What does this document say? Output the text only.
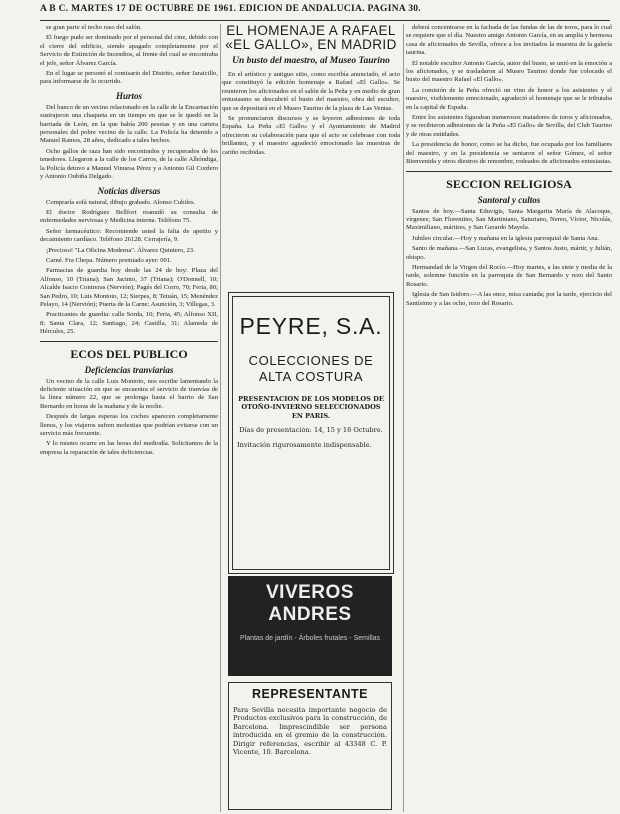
A B C. MARTES 17 DE OCTUBRE DE 1961. EDICION DE ANDALUCIA. PAGINA 30.

se gran parte el techo raso del salón.

El fuego pudo ser dominado por el personal del cine, debido con el cierre del edificio, siendo apagado completamente por el Servicio de Extinción de Incendios, al frente del cual se encontraba el jefe, señor Álvarez García.

En el lugar se personó el comisario del Distrito, señor Jaraicillo, para informarse de lo ocurrido.

Hurtos

Del banco de un vecino relacionado en la calle de la Encarnación sustrajeron una chaqueta en un tiempo en que se le quedó en la barriada de León, en la que había 200 pesetas y en una cartera personales del pobre vecino de la calle. La Policía ha detenido a Manuel Ramos, 28 años, dedicado a tales hechos.

Ocho gallos de raza han sido encontrados y recuperados de los tenedores. Llegaron a la calle de los Carros, de la calle Alhóndiga, la Policía detuvo a Manuel Vinuesa Pérez y a Antonio Gil Cordero y Antonio Oubiña Delgado.

Noticias diversas

Compraría sofá natural, dibujo grabado. Alonso Cubiles.

El doctor Rodríguez Bellfort reanudó su consulta de enfermedades nerviosas y Medicina interna. Teléfono 75.

Señor farmacéutico: Recomiende usted la falta de apetito y decaimiento cardíaco. Teléfono 26128. Cerrajería, 9.

¡Precioso! "La Oficina Moderna". Álvarez Quintero, 23.

Carné. Fra Chepa. Número premiado ayer: 091.

Farmacias de guardia hoy desde las 24 de hoy: Plaza del Alfonso, 10 (Triana); San Jacinto, 37 (Triana); O'Donnell, 10; Alcalde Isacio Contreras (Nervión); Pagés del Corro, 70; Feria, 80; San Pedro, 10; Luis Montoto, 12; Sierpes, 8; Tetuán, 15; Menéndez Pelayo, 14 (Nervión); Puerta de la Carne; Asunción, 3; Villegas, 3.

Practicantes de guardia: calle Sorda, 10; Feria, 45; Alfonso XII, 8; Santa Clara, 12; Santiago, 24; Castilla, 31; Alameda de Hércules, 25.

ECOS DEL PUBLICO
Deficiencias tranviarias

Un vecino de la calle Luis Montoto, nos escribe lamentando la deficiente situación en que se encuentra el servicio de tranvías de la línea número 22, que se prolonga hasta el barrio de San Bernardo en horas de la mañana y de la noche.

Después de largas esperas los coches aparecen completamente llenos, y los viajeros sufren molestias que podrían evitarse con un servicio más frecuente.

Y lo mismo ocurre en las horas del mediodía. Solicitamos de la empresa la reparación de tales deficiencias.

EL HOMENAJE A RAFAEL «EL GALLO», EN MADRID
Un busto del maestro, al Museo Taurino

En el artístico y antiguo sitio, como escribía anunciado, el acto que constituyó la edición homenaje a Rafael «El Gallo». Se reunieron los aficionados en el salón de la Peña y en medio de gran entusiasmo se descubrió el busto del maestro, obra del escultor, que se depositará en el Museo Taurino de la plaza de Las Ventas.

Se pronunciaron discursos y se leyeron adhesiones de toda España. La Peña «El Gallo» y el Ayuntamiento de Madrid ofrecieron su colaboración para que el acto se celebrase con toda brillantez, y el maestro agradeció emocionado las muestras de cariño recibidas.

PEYRE, S.A.
COLECCIONES DE
ALTA COSTURA
PRESENTACION DE LOS MODELOS DE OTOÑO-INVIERNO SELECCIONADOS EN PARIS.
Días de presentación: 14, 15 y 16 Octubre.
Invitación rigurosamente indispensable.
VIVEROS ANDRES
Plantas de jardín - Árboles frutales - Semillas
REPRESENTANTE
Para Sevilla necesita importante negocio de Productos exclusivos para la construcción, de Barcelona. Imprescindible ser persona introducida en el gremio de la construcción. Dirigir referencias, escribir al 43348 C. P. Vicente, 10. Barcelona.

deberá concentrarse en la fachada de las fundas de las de toros, para lo cual se requiere que el día. Nuestro amigo Antonio García, en su amplia y hermosa casa de aficionados de Sevilla, ofrece a los invitados la muestra de la galería taurina.

El notable escultor Antonio García, autor del busto, se unió en la emoción a los aficionados, y se trasladaron al Museo Taurino donde fue colocado el busto del maestro Rafael «El Gallo».

La comisión de la Peña ofreció un vino de honor a los asistentes y el maestro, visiblemente emocionado, agradeció el homenaje que se le tributaba en la capital de España.

Entre los asistentes figuraban numerosos matadores de toros y aficionados, y se recibieron adhesiones de la Peña «El Gallo» de Sevilla, del Club Taurino y de otras entidades.

La presidencia de honor, como se ha dicho, fue ocupada por los familiares del maestro, y en la presidencia se sentaron el señor Gómez, el señor Bienvenida y otros diestros de renombre, rodeados de aficionados entusiastas.

SECCION RELIGIOSA
Santoral y cultos

Santos de hoy.—Santa Eduvigis, Santa Margarita María de Alacoque, vírgenes; San Florentino, San Martiniano, Saturiano, Nereo, Víctor, Nicolás, Maximiliano, mártires, y San Gerardo Mayela.

Jubileo circular.—Hoy y mañana en la iglesia parroquial de Santa Ana.

Santo de mañana.—San Lucas, evangelista, y Santos Justo, mártir, y Julián, obispo.

Hermandad de la Virgen del Rocío.—Hoy martes, a las siete y media de la tarde, solemne función en la parroquia de San Bernardo y rezo del Santo Rosario.

Iglesia de San Isidoro.—A las once, misa cantada; por la tarde, ejercicio del Santísimo y a las ocho, rezo del Rosario.
